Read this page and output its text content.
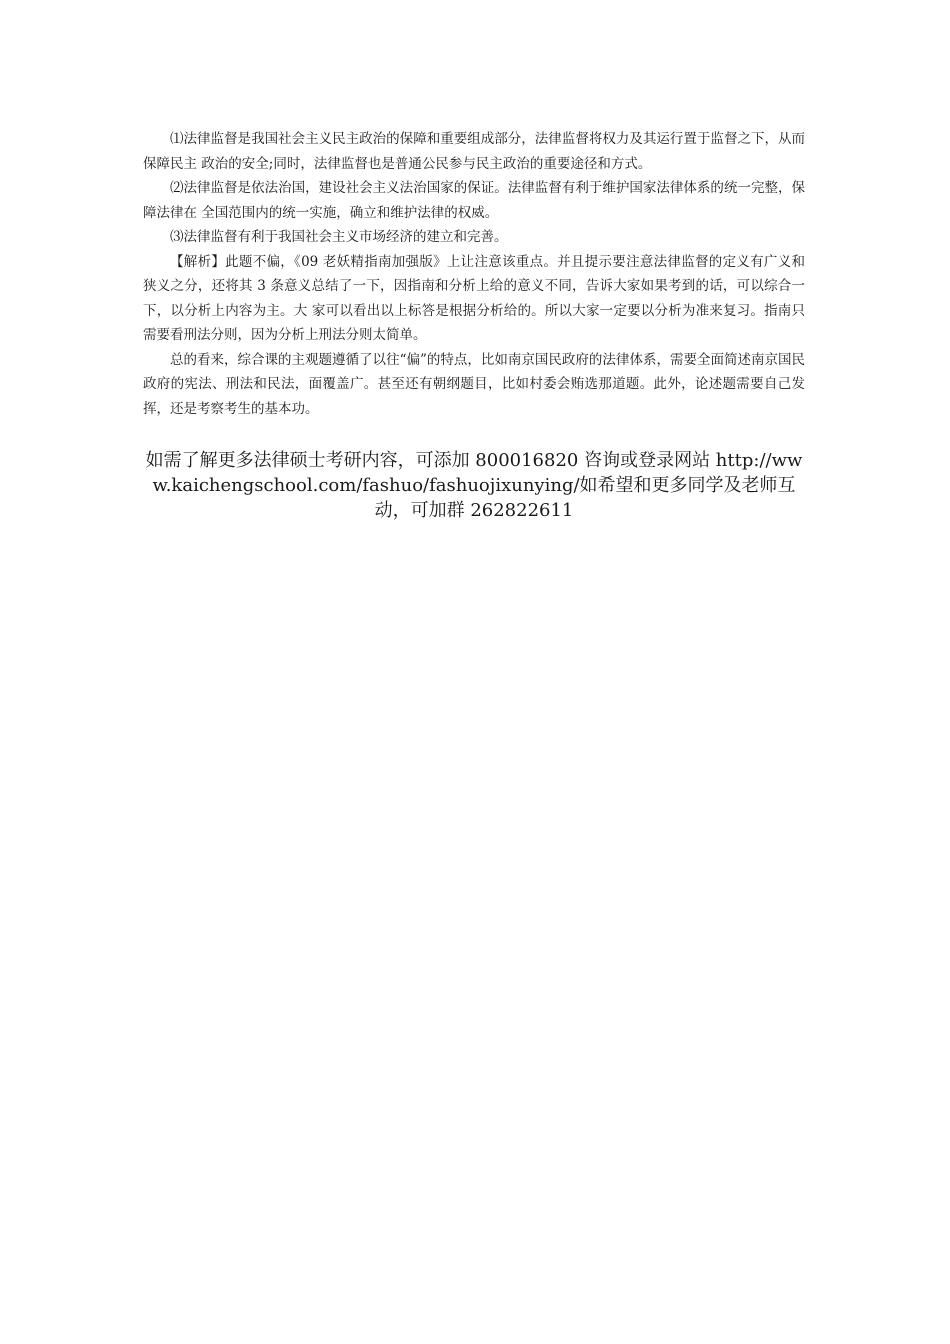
⑴法律监督是我国社会主义民主政治的保障和重要组成部分，法律监督将权力及其运行置于监督之下，从而保障民主 政治的安全;同时，法律监督也是普通公民参与民主政治的重要途径和方式。

⑵法律监督是依法治国，建设社会主义法治国家的保证。法律监督有利于维护国家法律体系的统一完整，保障法律在 全国范围内的统一实施，确立和维护法律的权威。

⑶法律监督有利于我国社会主义市场经济的建立和完善。

【解析】此题不偏，《09 老妖精指南加强版》上让注意该重点。并且提示要注意法律监督的定义有广义和狭义之分，还将其 3 条意义总结了一下，因指南和分析上给的意义不同，告诉大家如果考到的话，可以综合一下，以分析上内容为主。大 家可以看出以上标答是根据分析给的。所以大家一定要以分析为准来复习。指南只需要看刑法分则，因为分析上刑法分则太简单。

总的看来，综合课的主观题遵循了以往“偏”的特点，比如南京国民政府的法律体系，需要全面简述南京国民政府的宪法、刑法和民法，面覆盖广。甚至还有朝纲题目，比如村委会贿选那道题。此外，论述题需要自己发挥，还是考察考生的基本功。

如需了解更多法律硕士考研内容，可添加 800016820 咨询或登录网站 http://www.kaichengschool.com/fashuo/fashuojixunying/如希望和更多同学及老师互动，可加群 262822611
